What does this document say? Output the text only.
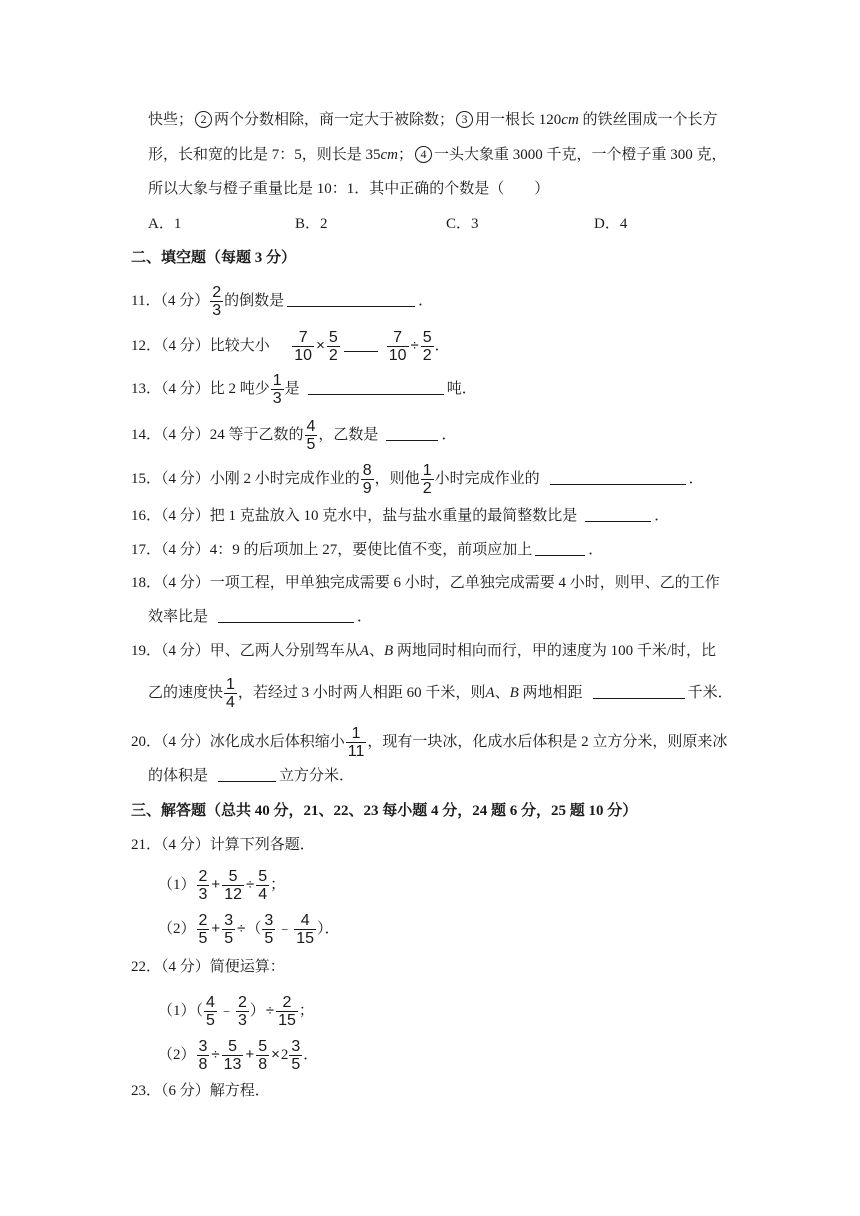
快些； 2 两个分数相除，商一定大于被除数； 3 用一根长 120cm 的铁丝围成一个长方
形，长和宽的比是 7：5，则长是 35cm； 4 一头大象重 3000 千克，一个橙子重 300 克，
所以大象与橙子重量比是 10：1．其中正确的个数是（　　）
A．1	B．2	C．3	D．4
二、填空题（每题 3 分）
11．（4 分） $\frac{2}{3}$ 的倒数是	．
12．（4 分）比较大小 $\frac{7}{10} \times \frac{5}{2}$	$\frac{7}{10} \div \frac{5}{2}$ ．
13．（4 分）比 2 吨少 $\frac{1}{3}$ 是	吨．
14．（4 分）24 等于乙数的 $\frac{4}{5}$ ，乙数是	．
15．（4 分）小刚 2 小时完成作业的 $\frac{8}{9}$ ，则他 $\frac{1}{2}$ 小时完成作业的	．
16．（4 分）把 1 克盐放入 10 克水中，盐与盐水重量的最简整数比是	．
17．（4 分）4：9 的后项加上 27，要使比值不变，前项应加上	．
18．（4 分）一项工程，甲单独完成需要 6 小时，乙单独完成需要 4 小时，则甲、乙的工作
效率比是	．
19．（4 分）甲、乙两人分别驾车从A、B 两地同时相向而行，甲的速度为 100 千米/时，比
乙的速度快 $\frac{1}{4}$ ，若经过 3 小时两人相距 60 千米，则A、B 两地相距	千米．
20．（4 分）冰化成水后体积缩小 $\frac{1}{11}$ ，现有一块冰，化成水后体积是 2 立方分米，则原来冰
的体积是	立方分米．
三、解答题（总共 40 分，21、22、23 每小题 4 分，24 题 6 分，25 题 10 分）
21．（4 分）计算下列各题．
$(1) \frac{2}{3} + \frac{5}{12} \div \frac{5}{4}$ ；
$(2) \frac{2}{5} + \frac{3}{5}$ ÷（ $\frac{3}{5}$ ﹣ $\frac{4}{15}$ ）．
22．（4 分）简便运算：
$(1)( \frac{4}{5}$ ﹣ $\frac{2}{3}$ ）÷ $\frac{2}{15}$ ；
$(2) \frac{3}{8} \div \frac{5}{13} + \frac{5}{8} \times 2 \frac{3}{5}$ ．
23．（6 分）解方程．
